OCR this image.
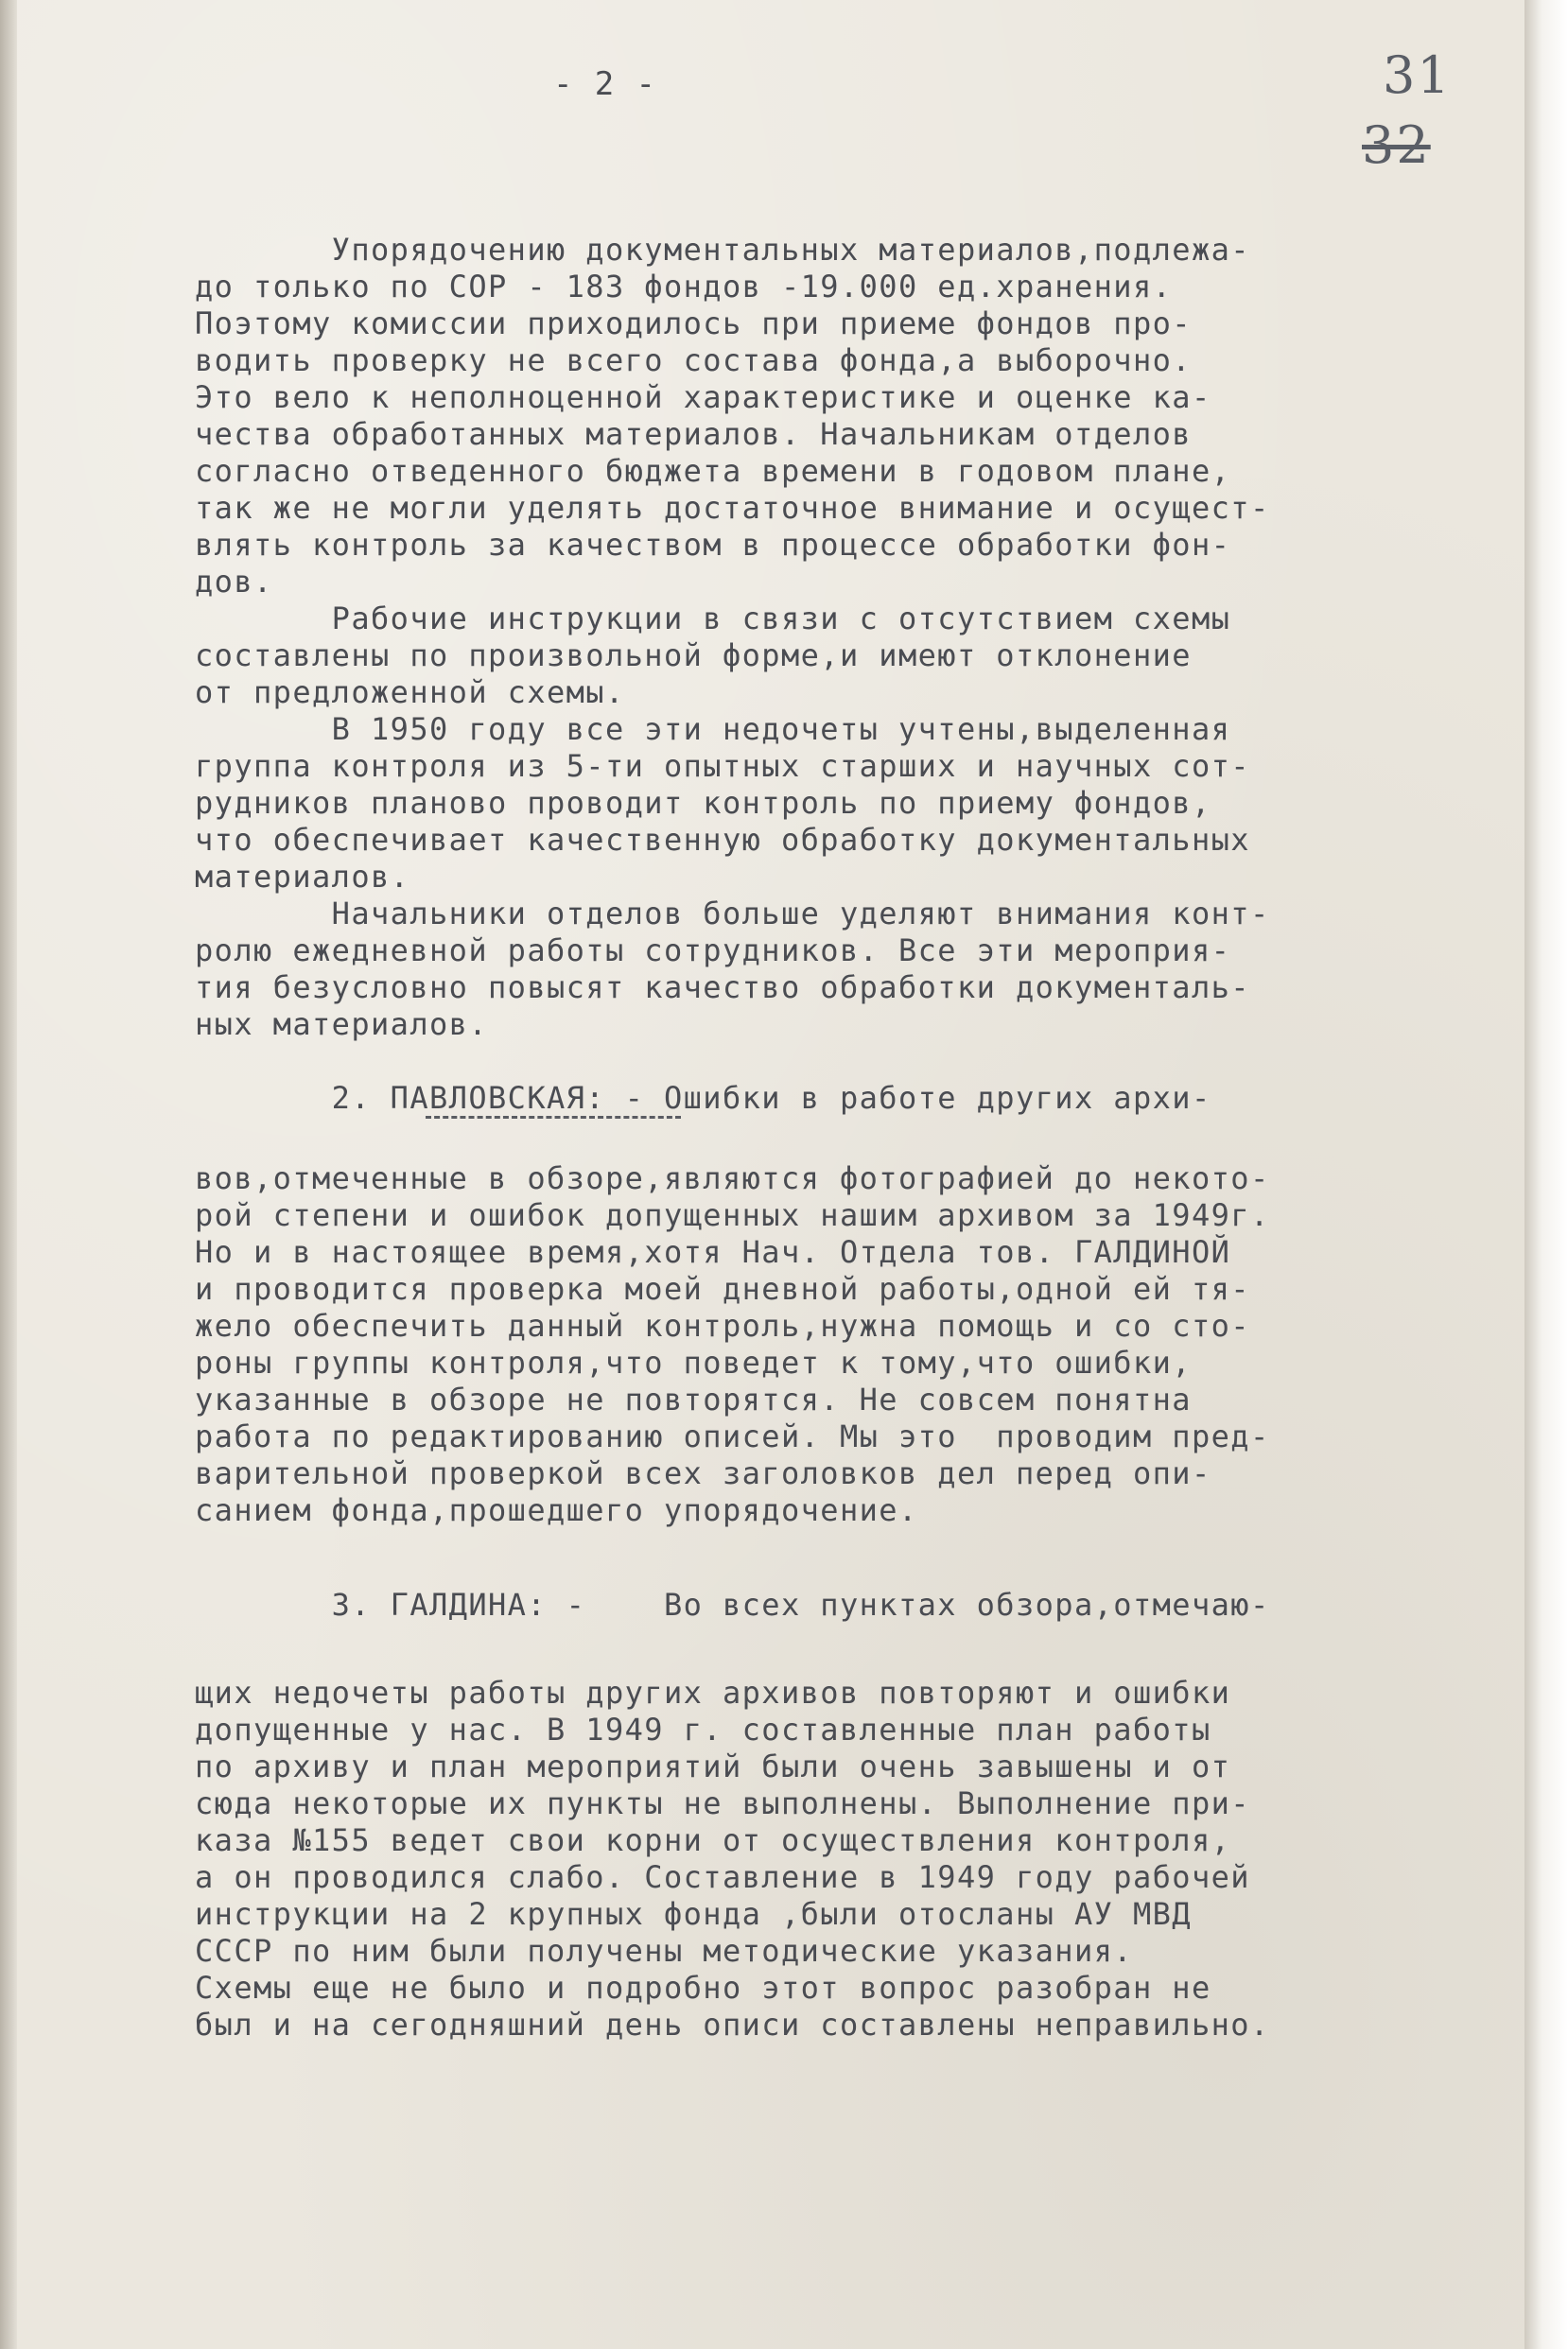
- 2 -	31
32
Упорядочению документальных материалов,подлежа-
до только по СОР - 183 фондов -19.000 ед.хранения.
Поэтому комиссии приходилось при приеме фондов про-
водить проверку не всего состава фонда,а выборочно.
Это вело к неполноценной характеристике и оценке ка-
чества обработанных материалов. Начальникам отделов
согласно отведенного бюджета времени в годовом плане,
так же не могли уделять достаточное внимание и осущест-
влять контроль за качеством в процессе обработки фон-
дов.
Рабочие инструкции в связи с отсутствием схемы
составлены по произвольной форме,и имеют отклонение
от предложенной схемы.
В 1950 году все эти недочеты учтены,выделенная
группа контроля из 5-ти опытных старших и научных сот-
рудников планово проводит контроль по приему фондов,
что обеспечивает качественную обработку документальных
материалов.
Начальники отделов больше уделяют внимания конт-
ролю ежедневной работы сотрудников. Все эти мероприя-
тия безусловно повысят качество обработки документаль-
ных материалов.
2. ПАВЛОВСКАЯ: - Ошибки в работе других архи-
вов,отмеченные в обзоре,являются фотографией до некото-
рой степени и ошибок допущенных нашим архивом за 1949г.
Но и в настоящее время,хотя Нач. Отдела тов. ГАЛДИНОЙ
и проводится проверка моей дневной работы,одной ей тя-
жело обеспечить данный контроль,нужна помощь и со сто-
роны группы контроля,что поведет к тому,что ошибки,
указанные в обзоре не повторятся. Не совсем понятна
работа по редактированию описей. Мы это  проводим пред-
варительной проверкой всех заголовков дел перед опи-
санием фонда,прошедшего упорядочение.
3. ГАЛДИНА: -    Во всех пунктах обзора,отмечаю-
щих недочеты работы других архивов повторяют и ошибки
допущенные у нас. В 1949 г. составленные план работы
по архиву и план мероприятий были очень завышены и от
сюда некоторые их пункты не выполнены. Выполнение при-
каза №155 ведет свои корни от осуществления контроля,
а он проводился слабо. Составление в 1949 году рабочей
инструкции на 2 крупных фонда ,были отосланы АУ МВД
СССР по ним были получены методические указания.
Схемы еще не было и подробно этот вопрос разобран не
был и на сегодняшний день описи составлены неправильно.
